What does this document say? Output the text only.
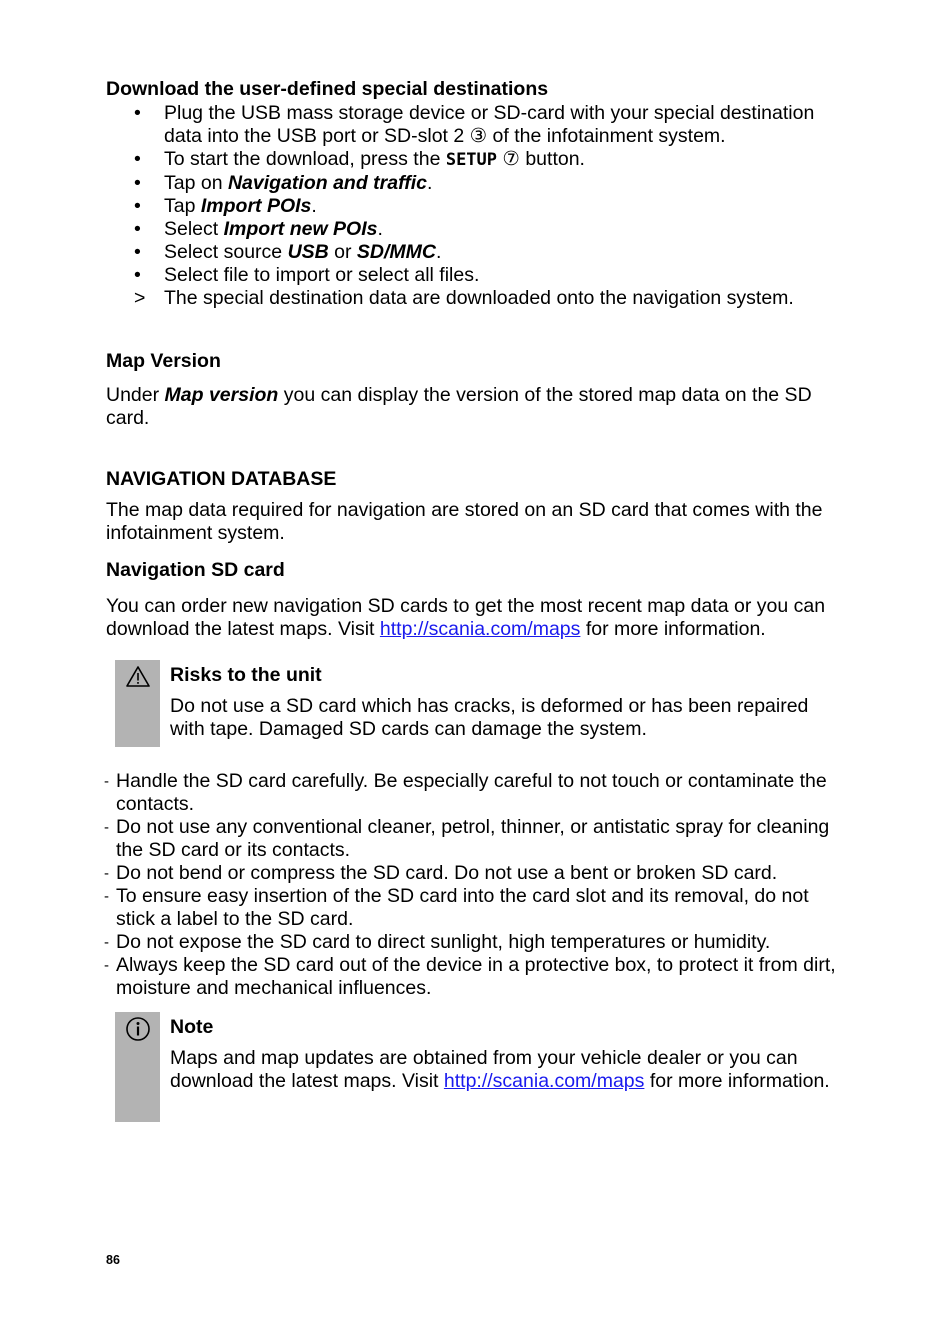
Download the user-defined special destinations
• Plug the USB mass storage device or SD-card with your special destination data into the USB port or SD-slot 2 ③ of the infotainment system.
• To start the download, press the SETUP ⑦ button.
• Tap on Navigation and traffic.
• Tap Import POIs.
• Select Import new POIs.
• Select source USB or SD/MMC.
• Select file to import or select all files.
> The special destination data are downloaded onto the navigation system.
Map Version

Under Map version you can display the version of the stored map data on the SD card.

NAVIGATION DATABASE

The map data required for navigation are stored on an SD card that comes with the infotainment system.

Navigation SD card

You can order new navigation SD cards to get the most recent map data or you can download the latest maps. Visit http://scania.com/maps for more information.

Risks to the unit
Do not use a SD card which has cracks, is deformed or has been repaired with tape. Damaged SD cards can damage the system.
- Handle the SD card carefully. Be especially careful to not touch or contaminate the contacts.
- Do not use any conventional cleaner, petrol, thinner, or antistatic spray for cleaning the SD card or its contacts.
- Do not bend or compress the SD card. Do not use a bent or broken SD card.
- To ensure easy insertion of the SD card into the card slot and its removal, do not stick a label to the SD card.
- Do not expose the SD card to direct sunlight, high temperatures or humidity.
- Always keep the SD card out of the device in a protective box, to protect it from dirt, moisture and mechanical influences.
Note
Maps and map updates are obtained from your vehicle dealer or you can download the latest maps. Visit http://scania.com/maps for more information.
86
